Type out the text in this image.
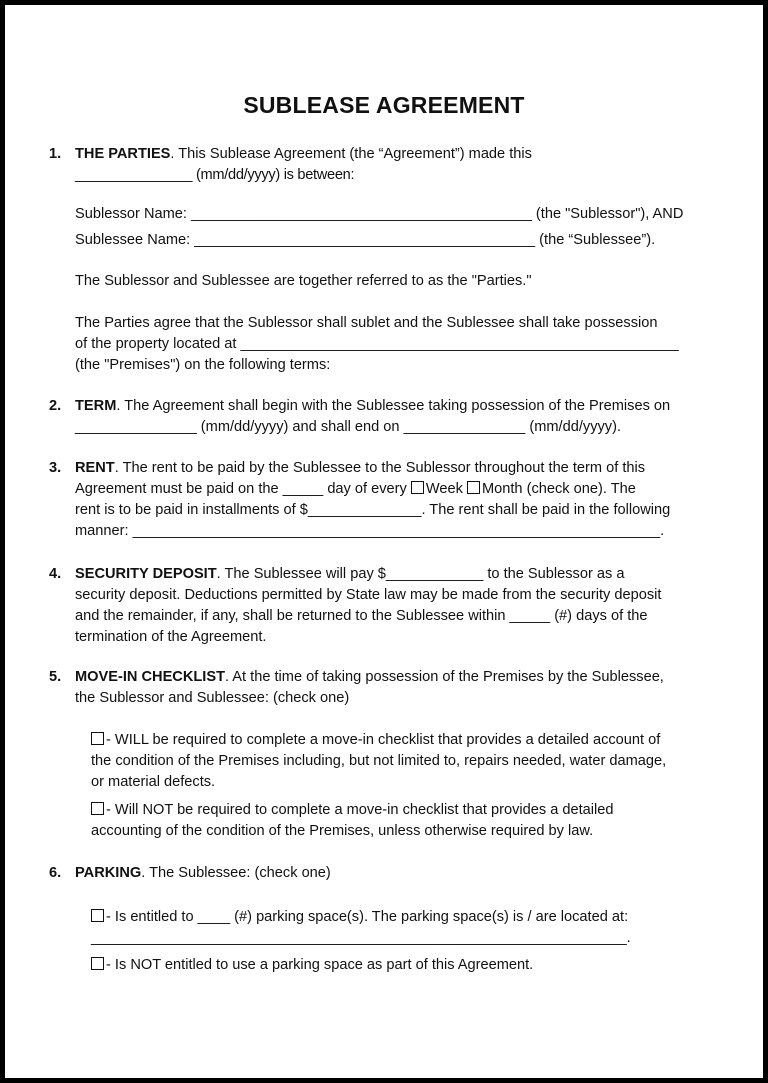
SUBLEASE AGREEMENT
1. THE PARTIES. This Sublease Agreement (the “Agreement”) made this
_______________ (mm/dd/yyyy) is between:
Sublessor Name: __________________________________________ (the "Sublessor"), AND
Sublessee Name: __________________________________________ (the “Sublessee”).
The Sublessor and Sublessee are together referred to as the "Parties."
The Parties agree that the Sublessor shall sublet and the Sublessee shall take possession
of the property located at ______________________________________________________
(the "Premises") on the following terms:
2. TERM. The Agreement shall begin with the Sublessee taking possession of the Premises on
_______________ (mm/dd/yyyy) and shall end on _______________ (mm/dd/yyyy).
3. RENT. The rent to be paid by the Sublessee to the Sublessor throughout the term of this
Agreement must be paid on the _____ day of every Week Month (check one). The
rent is to be paid in installments of $______________. The rent shall be paid in the following
manner: _________________________________________________________________.
4. SECURITY DEPOSIT. The Sublessee will pay $____________ to the Sublessor as a
security deposit. Deductions permitted by State law may be made from the security deposit
and the remainder, if any, shall be returned to the Sublessee within _____ (#) days of the
termination of the Agreement.
5. MOVE-IN CHECKLIST. At the time of taking possession of the Premises by the Sublessee,
the Sublessor and Sublessee: (check one)
- WILL be required to complete a move-in checklist that provides a detailed account of
the condition of the Premises including, but not limited to, repairs needed, water damage,
or material defects.
- Will NOT be required to complete a move-in checklist that provides a detailed
accounting of the condition of the Premises, unless otherwise required by law.
6. PARKING. The Sublessee: (check one)
- Is entitled to ____ (#) parking space(s). The parking space(s) is / are located at:
__________________________________________________________________.
- Is NOT entitled to use a parking space as part of this Agreement.
